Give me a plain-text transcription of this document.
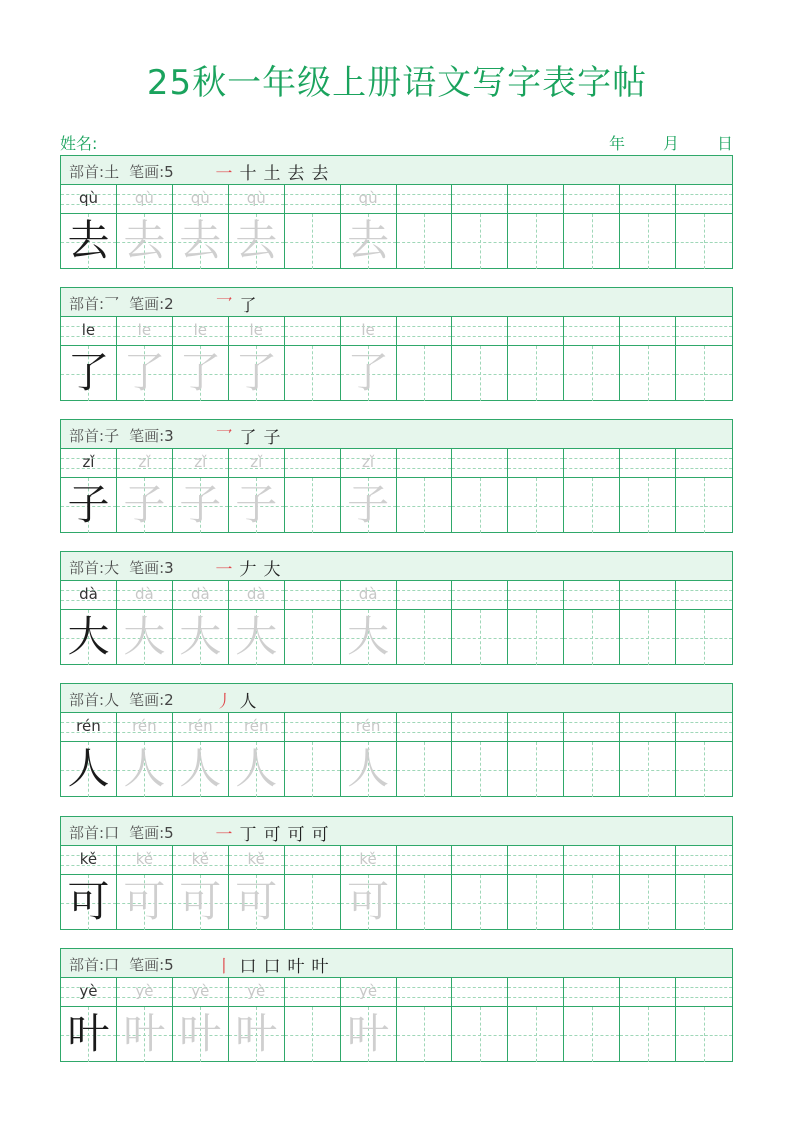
25秋一年级上册语文写字表字帖
姓名:	年 月 日
部首:土 笔画:5 一 十 土 去 去
qù
去
qù
去
qù
去
qù
去
qù
去
部首:乛 笔画:2 乛 了
le
了
le
了
le
了
le
了
le
了
部首:子 笔画:3 乛 了 子
zǐ
子
zǐ
子
zǐ
子
zǐ
子
zǐ
子
部首:大 笔画:3 一 𠂇 大
dà
大
dà
大
dà
大
dà
大
dà
大
部首:人 笔画:2 丿 人
rén
人
rén
人
rén
人
rén
人
rén
人
部首:口 笔画:5 一 丁 可 可 可
kě
可
kě
可
kě
可
kě
可
kě
可
部首:口 笔画:5 丨 口 口 叶 叶
yè
叶
yè
叶
yè
叶
yè
叶
yè
叶
